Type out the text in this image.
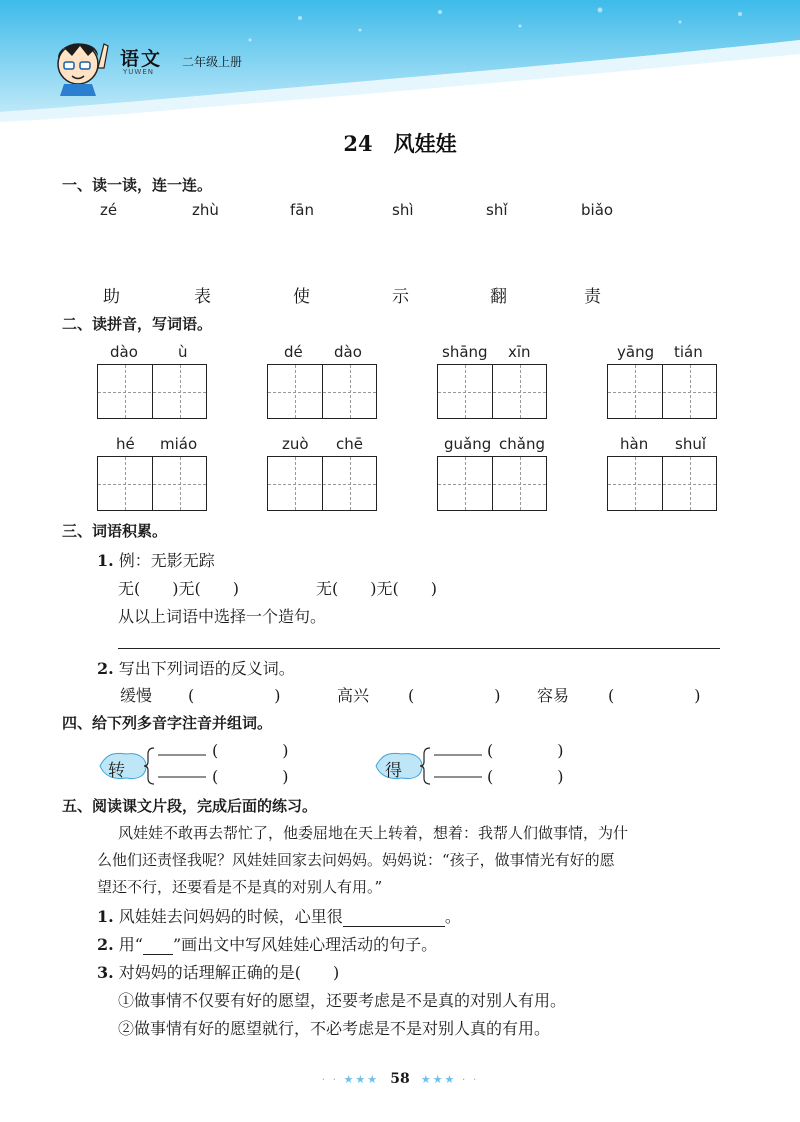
语文
YUWEN
二年级上册
24　风娃娃
一、读一读，连一连。
zé	zhù	fān	shì	shǐ	biǎo
助	表	使	示	翻	责
二、读拼音，写词语。
dào	ù	dé dào	shāng xīn	yāng tián
hé miáo	zuò chē	guǎng chǎng	hàn shuǐ
三、词语积累。
1. 例：无影无踪
无(　　)无(　　)	无(　　)无(　　)
从以上词语中选择一个造句。
2. 写出下列词语的反义词。
缓慢 (　　　　　)	高兴 (　　　　　) 容易 (　　　　　)
四、给下列多音字注音并组词。
转
(　　　　)
(　　　　)	得
(　　　　)
(　　　　)
五、阅读课文片段，完成后面的练习。
风娃娃不敢再去帮忙了，他委屈地在天上转着，想着：我帮人们做事情，为什
么他们还责怪我呢？风娃娃回家去问妈妈。妈妈说：“孩子，做事情光有好的愿
望还不行，还要看是不是真的对别人有用。”
1. 风娃娃去问妈妈的时候，心里很	。
2. 用“ ”画出文中写风娃娃心理活动的句子。
3. 对妈妈的话理解正确的是(　　)
①做事情不仅要有好的愿望，还要考虑是不是真的对别人有用。
②做事情有好的愿望就行，不必考虑是不是对别人真的有用。
· · ★★★ 58 ★★★ · ·
